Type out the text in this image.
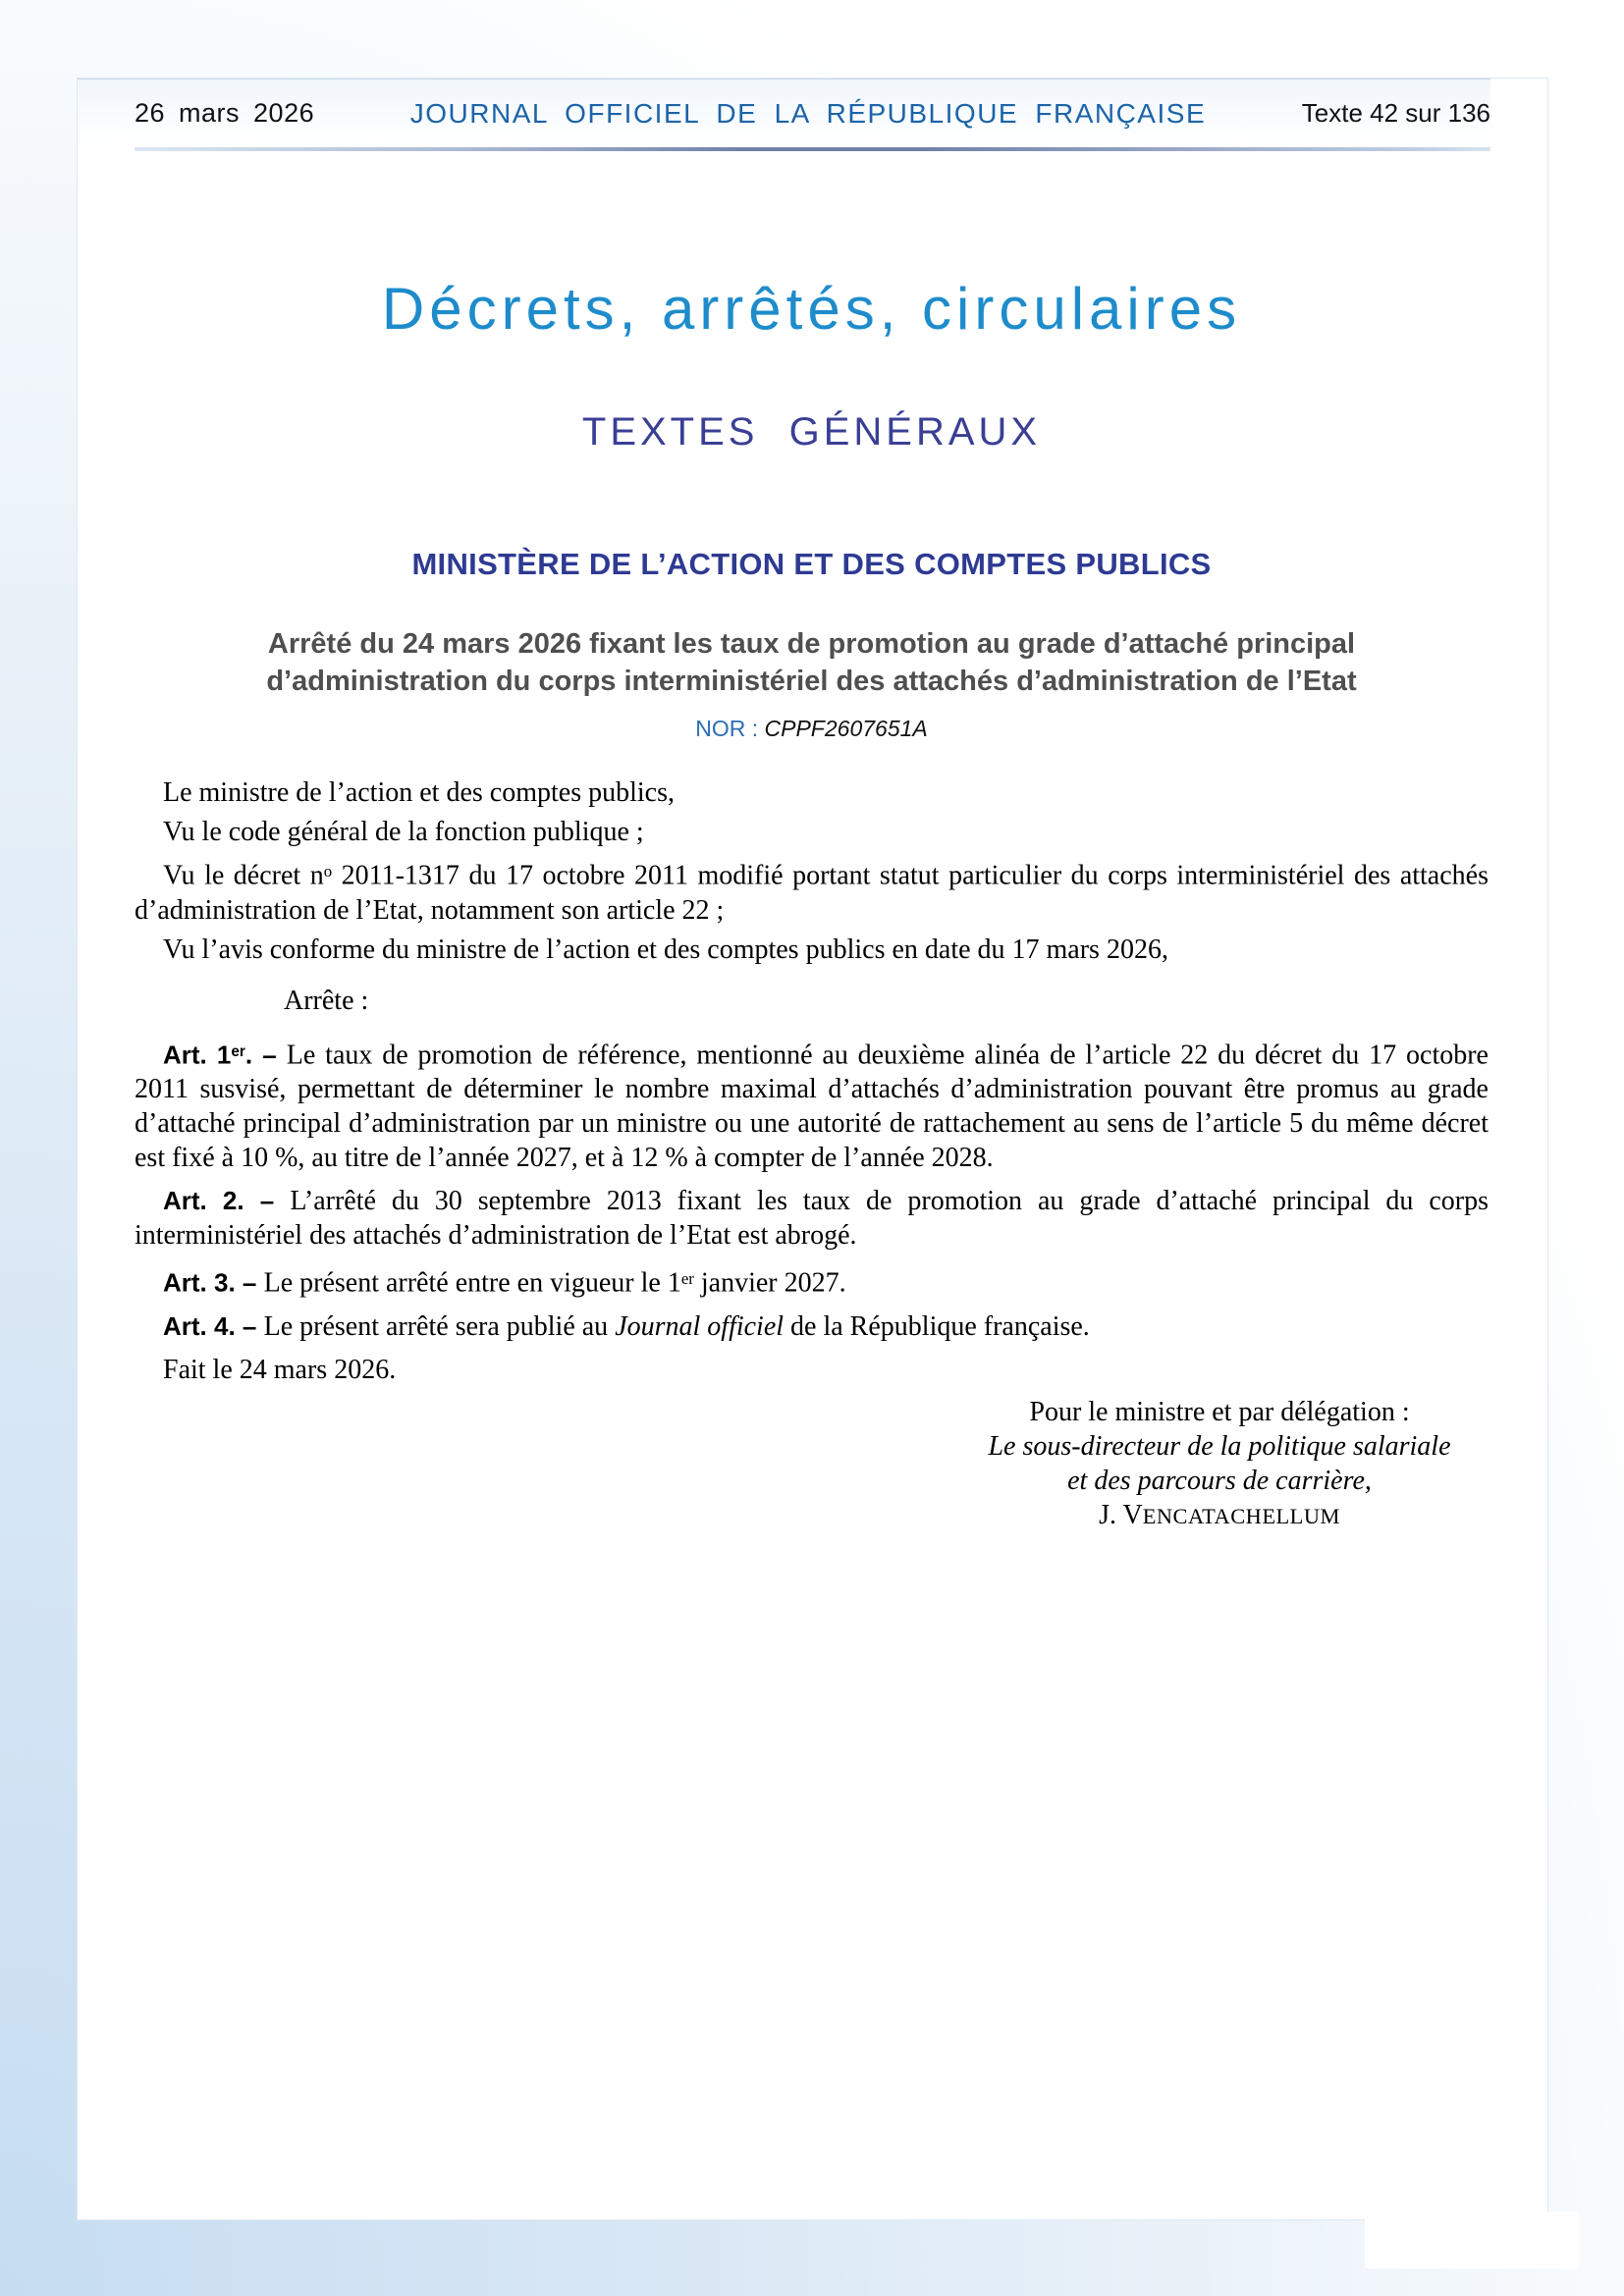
26 mars 2026	JOURNAL OFFICIEL DE LA RÉPUBLIQUE FRANÇAISE	Texte 42 sur 136
Décrets, arrêtés, circulaires
TEXTES GÉNÉRAUX
MINISTÈRE DE L’ACTION ET DES COMPTES PUBLICS
Arrêté du 24 mars 2026 fixant les taux de promotion au grade d’attaché principal
d’administration du corps interministériel des attachés d’administration de l’Etat
NOR : CPPF2607651A

Le ministre de l’action et des comptes publics,

Vu le code général de la fonction publique ;

Vu le décret $n^o$ 2011-1317 du 17 octobre 2011 modifié portant statut particulier du corps interministériel des attachés d’administration de l’Etat, notamment son article 22 ;

Vu l’avis conforme du ministre de l’action et des comptes publics en date du 17 mars 2026,

Arrête :

Art. 1er. – Le taux de promotion de référence, mentionné au deuxième alinéa de l’article 22 du décret du 17 octobre 2011 susvisé, permettant de déterminer le nombre maximal d’attachés d’administration pouvant être promus au grade d’attaché principal d’administration par un ministre ou une autorité de rattachement au sens de l’article 5 du même décret est fixé à 10 %, au titre de l’année 2027, et à 12 % à compter de l’année 2028.

Art. 2. – L’arrêté du 30 septembre 2013 fixant les taux de promotion au grade d’attaché principal du corps interministériel des attachés d’administration de l’Etat est abrogé.

Art. 3. – Le présent arrêté entre en vigueur le 1er janvier 2027.

Art. 4. – Le présent arrêté sera publié au Journal officiel de la République française.

Fait le 24 mars 2026.

Pour le ministre et par délégation :
Le sous-directeur de la politique salariale
et des parcours de carrière,
J. VENCATACHELLUM
